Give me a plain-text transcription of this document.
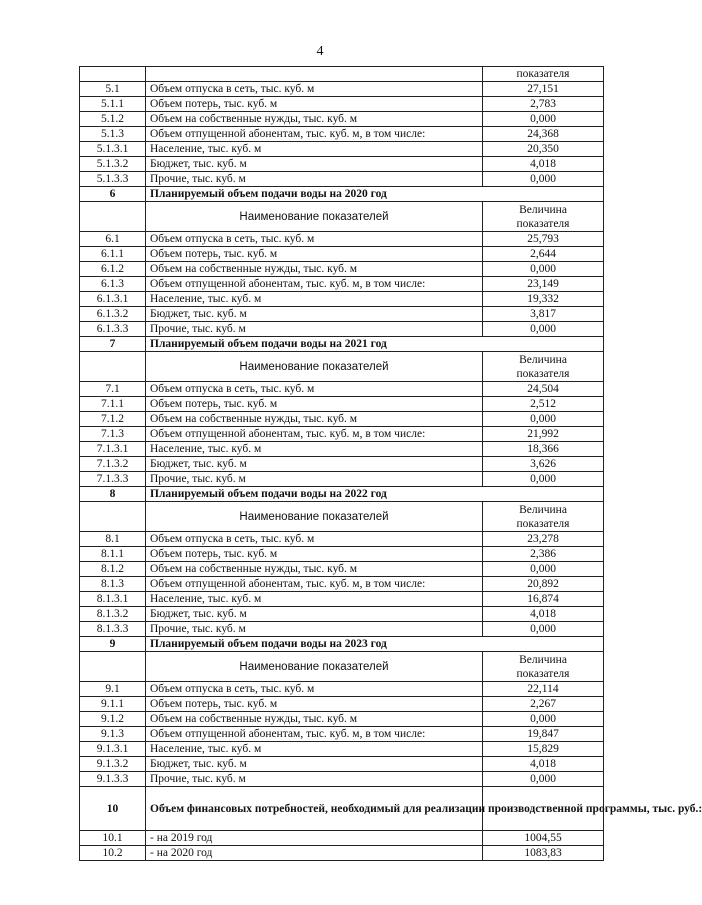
4
		показателя
5.1	Объем отпуска в сеть, тыс. куб. м	27,151
5.1.1	Объем потерь, тыс. куб. м	2,783
5.1.2	Объем на собственные нужды, тыс. куб. м	0,000
5.1.3	Объем отпущенной абонентам, тыс. куб. м, в том числе:	24,368
5.1.3.1	Население, тыс. куб. м	20,350
5.1.3.2	Бюджет, тыс. куб. м	4,018
5.1.3.3	Прочие, тыс. куб. м	0,000
6	Планируемый объем подачи воды на 2020 год	
	Наименование показателей	Величина
показателя

6.1	Объем отпуска в сеть, тыс. куб. м	25,793
6.1.1	Объем потерь, тыс. куб. м	2,644
6.1.2	Объем на собственные нужды, тыс. куб. м	0,000
6.1.3	Объем отпущенной абонентам, тыс. куб. м, в том числе:	23,149
6.1.3.1	Население, тыс. куб. м	19,332
6.1.3.2	Бюджет, тыс. куб. м	3,817
6.1.3.3	Прочие, тыс. куб. м	0,000
7	Планируемый объем подачи воды на 2021 год	
	Наименование показателей	Величина
показателя

7.1	Объем отпуска в сеть, тыс. куб. м	24,504
7.1.1	Объем потерь, тыс. куб. м	2,512
7.1.2	Объем на собственные нужды, тыс. куб. м	0,000
7.1.3	Объем отпущенной абонентам, тыс. куб. м, в том числе:	21,992
7.1.3.1	Население, тыс. куб. м	18,366
7.1.3.2	Бюджет, тыс. куб. м	3,626
7.1.3.3	Прочие, тыс. куб. м	0,000
8	Планируемый объем подачи воды на 2022 год	
	Наименование показателей	Величина
показателя

8.1	Объем отпуска в сеть, тыс. куб. м	23,278
8.1.1	Объем потерь, тыс. куб. м	2,386
8.1.2	Объем на собственные нужды, тыс. куб. м	0,000
8.1.3	Объем отпущенной абонентам, тыс. куб. м, в том числе:	20,892
8.1.3.1	Население, тыс. куб. м	16,874
8.1.3.2	Бюджет, тыс. куб. м	4,018
8.1.3.3	Прочие, тыс. куб. м	0,000
9	Планируемый объем подачи воды на 2023 год	
	Наименование показателей	Величина
показателя

9.1	Объем отпуска в сеть, тыс. куб. м	22,114
9.1.1	Объем потерь, тыс. куб. м	2,267
9.1.2	Объем на собственные нужды, тыс. куб. м	0,000
9.1.3	Объем отпущенной абонентам, тыс. куб. м, в том числе:	19,847
9.1.3.1	Население, тыс. куб. м	15,829
9.1.3.2	Бюджет, тыс. куб. м	4,018
9.1.3.3	Прочие, тыс. куб. м	0,000
10	Объем финансовых потребностей, необходимый для реализации производственной программы, тыс. руб.:	
10.1	- на 2019 год	1004,55
10.2	- на 2020 год	1083,83
